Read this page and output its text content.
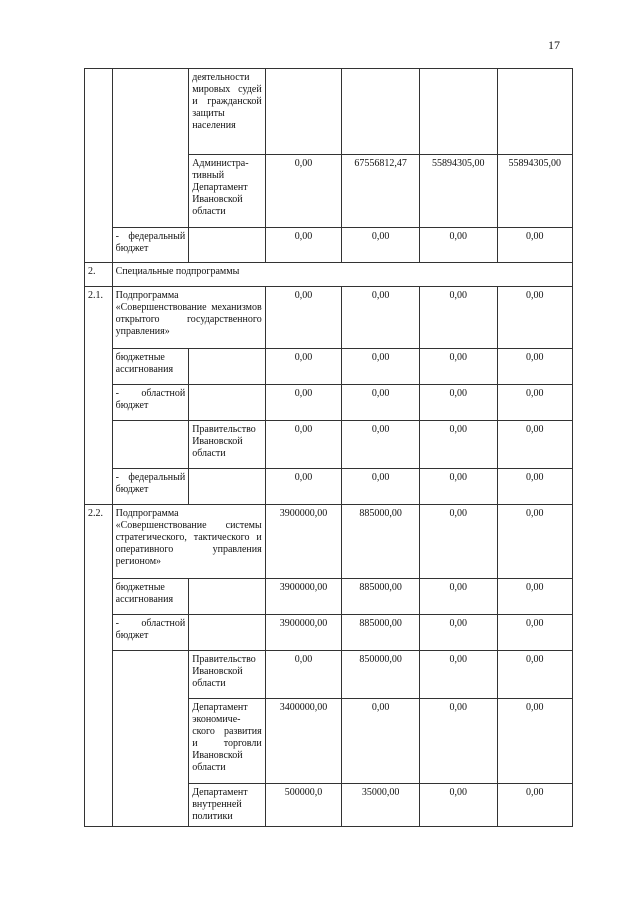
17
		деятельности мировых судей и гражданской защиты населения				
		Администра-тивный Департамент Ивановской области	0,00	67556812,47	55894305,00	55894305,00
	- федеральный бюджет		0,00	0,00	0,00	0,00
2.	Специальные подпрограммы					
2.1.	Подпрограмма «Совершенствование механизмов открытого государственного управления»		0,00	0,00	0,00	0,00
	бюджетные ассигнования		0,00	0,00	0,00	0,00
	- областной бюджет		0,00	0,00	0,00	0,00
		Правительство Ивановской области	0,00	0,00	0,00	0,00
	- федеральный бюджет		0,00	0,00	0,00	0,00
2.2.	Подпрограмма «Совершенствование системы стратегического, тактического и оперативного управления регионом»		3900000,00	885000,00	0,00	0,00
	бюджетные ассигнования		3900000,00	885000,00	0,00	0,00
	- областной бюджет		3900000,00	885000,00	0,00	0,00
		Правительство Ивановской области	0,00	850000,00	0,00	0,00
		Департамент экономиче-ского развития и торговли Ивановской области	3400000,00	0,00	0,00	0,00
		Департамент внутренней политики	500000,0	35000,00	0,00	0,00
